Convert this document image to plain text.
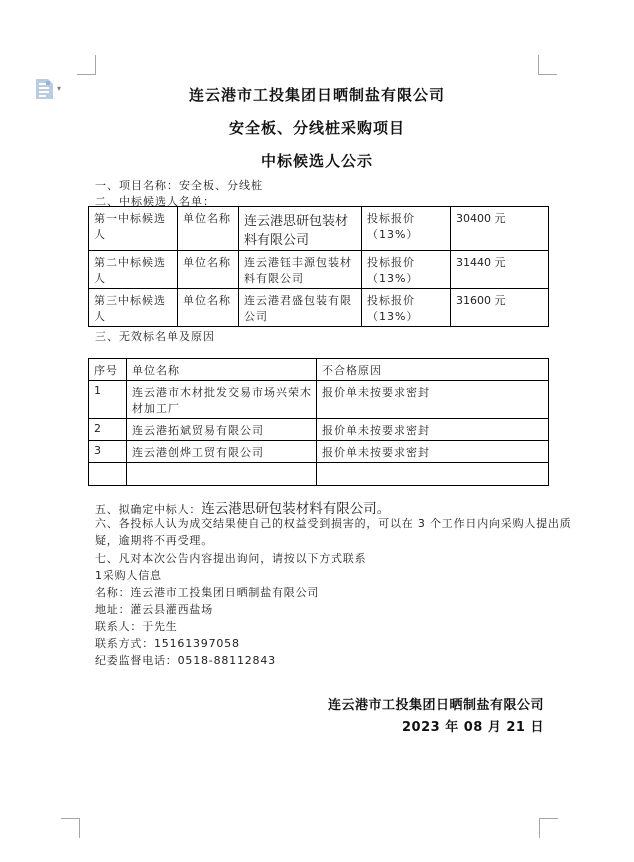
▾	连云港市工投集团日晒制盐有限公司
安全板、分线桩采购项目
中标候选人公示
一、项目名称：安全板、分线桩
二、中标候选人名单：
第一中标候选人	单位名称	连云港思研包装材料有限公司	投标报价（13%）	30400 元
第二中标候选人	单位名称	连云港钰丰源包装材料有限公司	投标报价（13%）	31440 元
第三中标候选人	单位名称	连云港君盛包装有限公司	投标报价（13%）	31600 元
三、无效标名单及原因
序号	单位名称	不合格原因
1	连云港市木材批发交易市场兴荣木材加工厂	报价单未按要求密封
2	连云港拓斌贸易有限公司	报价单未按要求密封
3	连云港创烨工贸有限公司	报价单未按要求密封

五、拟确定中标人：连云港思研包装材料有限公司。
六、各投标人认为成交结果使自己的权益受到损害的，可以在 3 个工作日内向采购人提出质
疑，逾期将不再受理。
七、凡对本次公告内容提出询问，请按以下方式联系
1采购人信息
名称：连云港市工投集团日晒制盐有限公司
地址：灌云县灌西盐场
联系人：于先生
联系方式：15161397058
纪委监督电话：0518-88112843
连云港市工投集团日晒制盐有限公司
2023 年 08 月 21 日
